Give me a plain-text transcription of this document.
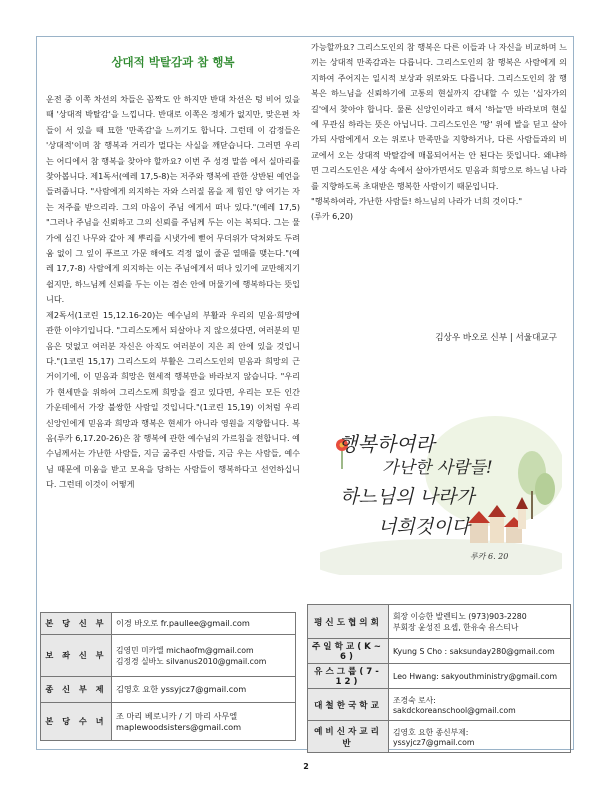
상대적 박탈감과 참 행복

운전 중 이쪽 차선의 차들은 꼼짝도 안 하지만 반대 차선은 텅 비어 있을 때 '상대적 박탈감'을 느낍니다. 반대로 이쪽은 정체가 없지만, 맞은편 차들이 서 있을 때 묘한 '만족감'을 느끼기도 합니다. 그런데 이 감정들은 '상대적'이며 참 행복과 거리가 멀다는 사실을 깨닫습니다. 그러면 우리는 어디에서 참 행복을 찾아야 할까요? 이번 주 성경 말씀 에서 실마리를 찾아봅니다. 제1독서(예레 17,5-8)는 저주와 행복에 관한 상반된 예언을 들려줍니다. "사람에게 의지하는 자와 스러질 몸을 제 힘인 양 여기는 자는 저주를 받으리라. 그의 마음이 주님 에게서 떠나 있다."(예레 17,5) "그러나 주님을 신뢰하고 그의 신뢰를 주님께 두는 이는 복되다. 그는 물가에 심긴 나무와 같아 제 뿌리를 시냇가에 뻗어 무더위가 닥쳐와도 두려움 없이 그 잎이 푸르고 가문 해에도 걱정 없이 줄곧 열매를 맺는다."(예레 17,7-8) 사람에게 의지하는 이는 주님에게서 떠나 있기에 교만해지기 쉽지만, 하느님께 신뢰를 두는 이는 겸손 안에 머물기에 행복하다는 뜻입니다.

제2독서(1코린 15,12.16-20)는 예수님의 부활과 우리의 믿음·희망에 관한 이야기입니다. "그리스도께서 되살아나 지 않으셨다면, 여러분의 믿음은 덧없고 여러분 자신은 아직도 여러분이 지은 죄 안에 있을 것입니다."(1코린 15,17) 그리스도의 부활은 그리스도인의 믿음과 희망의 근거이기에, 이 믿음과 희망은 현세적 행복만을 바라보지 않습니다. "우리가 현세만을 위하여 그리스도께 희망을 걸고 있다면, 우리는 모든 인간 가운데에서 가장 불쌍한 사람일 것입니다."(1코린 15,19) 이처럼 우리 신앙인에게 믿음과 희망과 행복은 현세가 아니라 영원을 지향합니다. 복음(루카 6,17.20-26)은 참 행복에 관한 예수님의 가르침을 전합니다. 예수님께서는 가난한 사람들, 지금 굶주린 사람들, 지금 우는 사람들, 예수님 때문에 미움을 받고 모욕을 당하는 사람들이 행복하다고 선언하십니다. 그런데 이것이 어떻게

가능할까요? 그리스도인의 참 행복은 다른 이들과 나 자신을 비교하며 느끼는 상대적 만족감과는 다릅니다. 그리스도인의 참 행복은 사람에게 의지하여 주어지는 일시적 보상과 위로와도 다릅니다. 그리스도인의 참 행복은 하느님을 신뢰하기에 고통의 현실까지 감내할 수 있는 '십자가의 길'에서 찾아야 합니다. 물론 신앙인이라고 해서 '하늘'만 바라보며 현실에 무관심 하라는 뜻은 아닙니다. 그리스도인은 '땅' 위에 발을 딛고 살아가되 사람에게서 오는 위로나 만족만을 지향하거나, 다른 사람들과의 비교에서 오는 상대적 박탈감에 매몰되어서는 안 된다는 뜻입니다. 왜냐하면 그리스도인은 세상 속에서 살아가면서도 믿음과 희망으로 하느님 나라를 지향하도록 초대받은 행복한 사람이기 때문입니다.

"행복하여라, 가난한 사람들! 하느님의 나라가 너희 것이다."

(루카 6,20)

김상우 바오로 신부 | 서울대교구
행복하여라
가난한 사람들!
하느님의 나라가
너희것이다
루카 6. 20
본 당 신 부	이경 바오로 fr.paullee@gmail.com
보 좌 신 부	김영민 미카엘 michaofm@gmail.com
김정경 실바노 silvanus2010@gmail.com

종 신 부 제	김영호 요한 yssyjcz7@gmail.com
본 당 수 녀	조 마리 베로니카 / 기 마리 사무엘
maplewoodsisters@gmail.com
평신도협의회	회장 이승한 발렌티노 (973)903-2280
부회장 윤성진 요셉, 한유숙 유스티나

주일학교(K~ 6)	Kyung S Cho : saksunday280@gmail.com
유스그룹(7-12)	Leo Hwang: sakyouthministry@gmail.com
대철한국학교	조경숙 로사:
sakdckoreanschool@gmail.com

예비신자교리반	김영호 요한 종신부제:
yssyjcz7@gmail.com
2
